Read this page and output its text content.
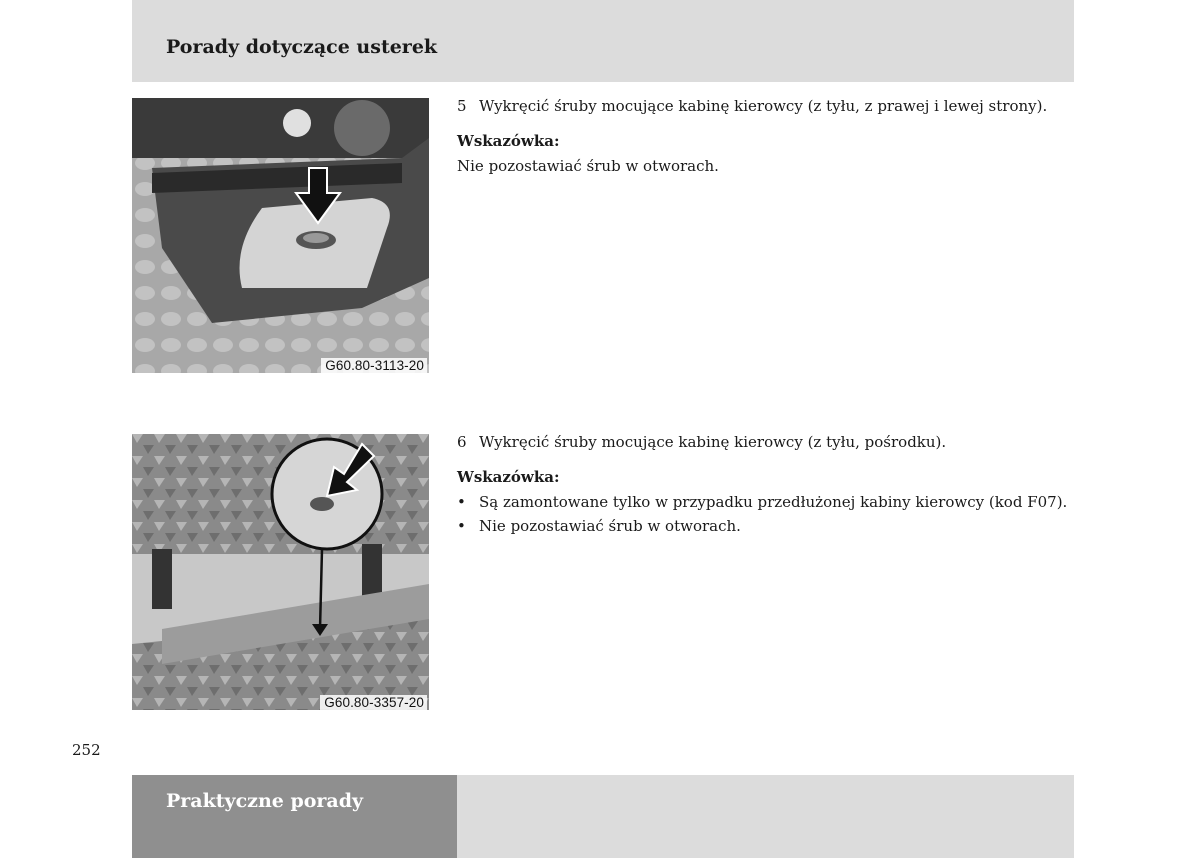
Porady dotyczące usterek
G60.80-3113-20
5 Wykręcić śruby mocujące kabinę kierowcy (z tyłu, z prawej i lewej strony).
Wskazówka:
Nie pozostawiać śrub w otworach.
G60.80-3357-20
6 Wykręcić śruby mocujące kabinę kierowcy (z tyłu, pośrodku).
Wskazówka:
• Są zamontowane tylko w przypadku przedłużonej kabiny kierowcy (kod F07).
• Nie pozostawiać śrub w otworach.
252
Praktyczne porady
